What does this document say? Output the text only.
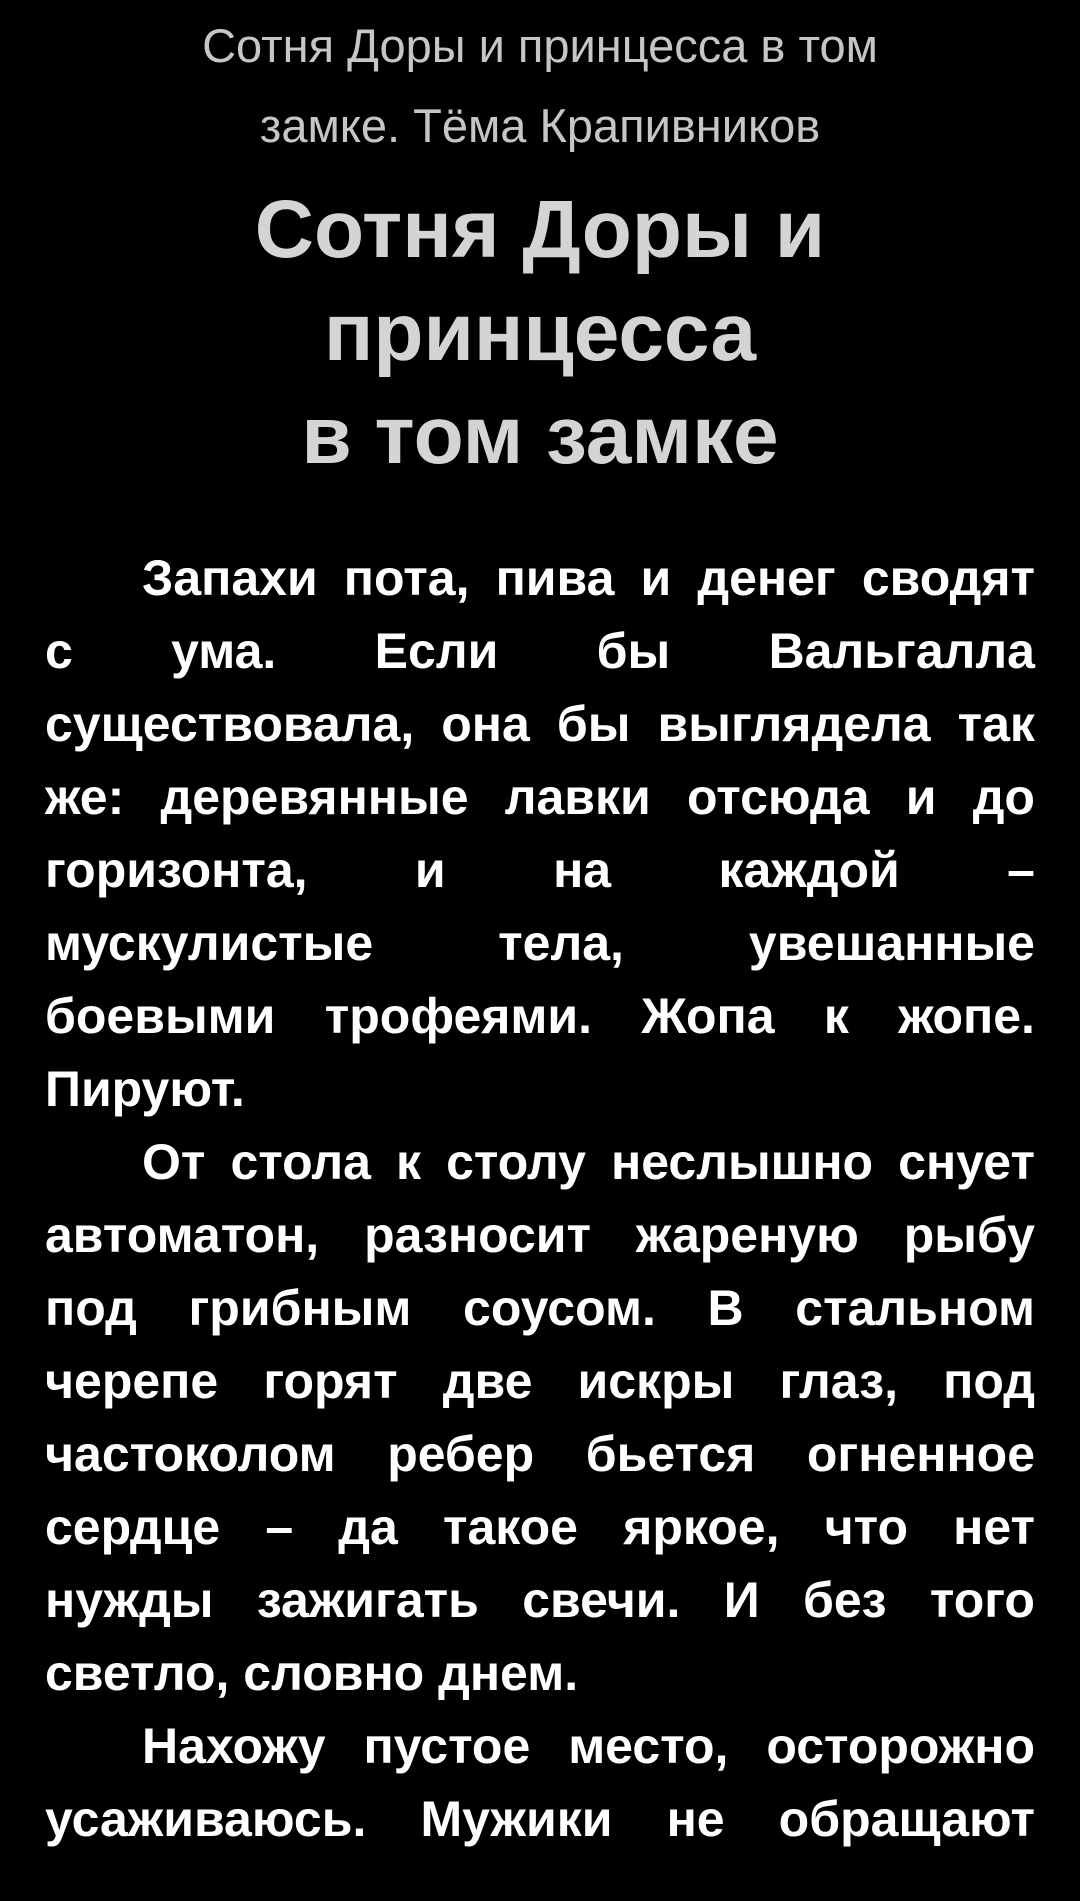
Сотня Доры и принцесса в том
замке. Тёма Крапивников
Сотня Доры и принцесса
в том замке
Запахи пота, пива и денег сводят
с ума. Если бы Вальгалла
существовала, она бы выглядела так
же: деревянные лавки отсюда и до
горизонта, и на каждой –
мускулистые тела, увешанные
боевыми трофеями. Жопа к жопе.
Пируют.
От стола к столу неслышно снует
автоматон, разносит жареную рыбу
под грибным соусом. В стальном
черепе горят две искры глаз, под
частоколом ребер бьется огненное
сердце – да такое яркое, что нет
нужды зажигать свечи. И без того
светло, словно днем.
Нахожу пустое место, осторожно
усаживаюсь. Мужики не обращают
